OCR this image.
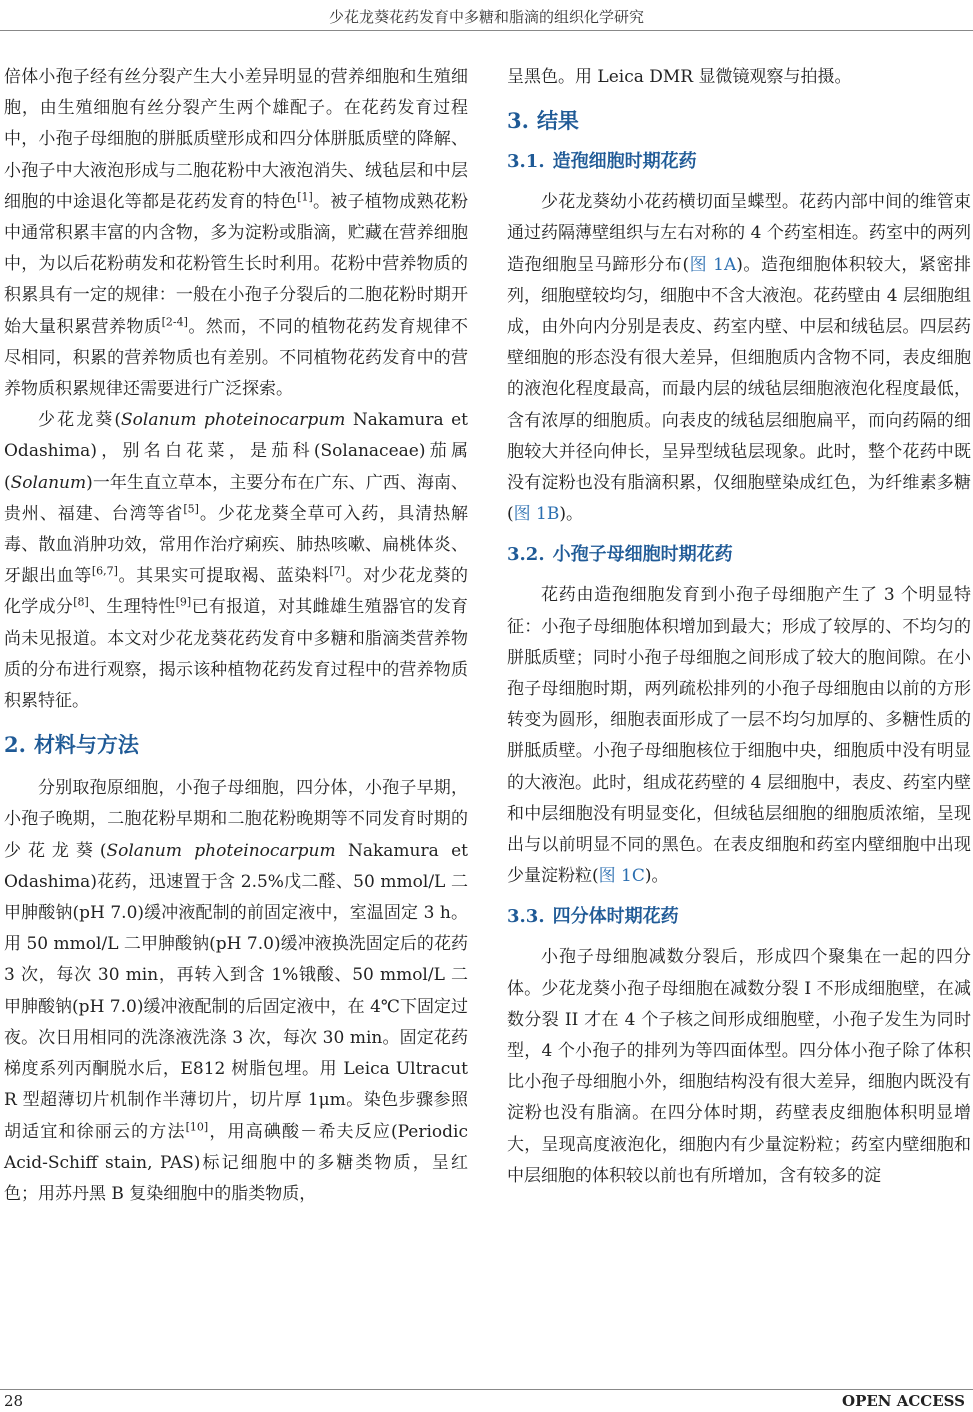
少花龙葵花药发育中多糖和脂滴的组织化学研究

倍体小孢子经有丝分裂产生大小差异明显的营养细胞和生殖细胞，由生殖细胞有丝分裂产生两个雄配子。在花药发育过程中，小孢子母细胞的胼胝质壁形成和四分体胼胝质壁的降解、小孢子中大液泡形成与二胞花粉中大液泡消失、绒毡层和中层细胞的中途退化等都是花药发育的特色[1]。被子植物成熟花粉中通常积累丰富的内含物，多为淀粉或脂滴，贮藏在营养细胞中，为以后花粉萌发和花粉管生长时利用。花粉中营养物质的积累具有一定的规律：一般在小孢子分裂后的二胞花粉时期开始大量积累营养物质[2-4]。然而，不同的植物花药发育规律不尽相同，积累的营养物质也有差别。不同植物花药发育中的营养物质积累规律还需要进行广泛探索。

少花龙葵(Solanum photeinocarpum Nakamura et Odashima)，别名白花菜，是茄科(Solanaceae)茄属(Solanum)一年生直立草本，主要分布在广东、广西、海南、贵州、福建、台湾等省[5]。少花龙葵全草可入药，具清热解毒、散血消肿功效，常用作治疗痢疾、肺热咳嗽、扁桃体炎、牙龈出血等[6,7]。其果实可提取褐、蓝染料[7]。对少花龙葵的化学成分[8]、生理特性[9]已有报道，对其雌雄生殖器官的发育尚未见报道。本文对少花龙葵花药发育中多糖和脂滴类营养物质的分布进行观察，揭示该种植物花药发育过程中的营养物质积累特征。

2. 材料与方法

分别取孢原细胞，小孢子母细胞，四分体，小孢子早期，小孢子晚期，二胞花粉早期和二胞花粉晚期等不同发育时期的少花龙葵(Solanum photeinocarpum Nakamura et Odashima)花药，迅速置于含 2.5%戊二醛、50 mmol/L 二甲胂酸钠(pH 7.0)缓冲液配制的前固定液中，室温固定 3 h。用 50 mmol/L 二甲胂酸钠(pH 7.0)缓冲液换洗固定后的花药 3 次，每次 30 min，再转入到含 1%锇酸、50 mmol/L 二甲胂酸钠(pH 7.0)缓冲液配制的后固定液中，在 4℃下固定过夜。次日用相同的洗涤液洗涤 3 次，每次 30 min。固定花药梯度系列丙酮脱水后，E812 树脂包埋。用 Leica Ultracut R 型超薄切片机制作半薄切片，切片厚 1μm。染色步骤参照胡适宜和徐丽云的方法[10]，用高碘酸－希夫反应(Periodic Acid-Schiff stain, PAS)标记细胞中的多糖类物质，呈红色；用苏丹黑 B 复染细胞中的脂类物质，

呈黑色。用 Leica DMR 显微镜观察与拍摄。

3. 结果
3.1. 造孢细胞时期花药

少花龙葵幼小花药横切面呈蝶型。花药内部中间的维管束通过药隔薄壁组织与左右对称的 4 个药室相连。药室中的两列造孢细胞呈马蹄形分布(图 1A)。造孢细胞体积较大，紧密排列，细胞壁较均匀，细胞中不含大液泡。花药壁由 4 层细胞组成，由外向内分别是表皮、药室内壁、中层和绒毡层。四层药壁细胞的形态没有很大差异，但细胞质内含物不同，表皮细胞的液泡化程度最高，而最内层的绒毡层细胞液泡化程度最低，含有浓厚的细胞质。向表皮的绒毡层细胞扁平，而向药隔的细胞较大并径向伸长，呈异型绒毡层现象。此时，整个花药中既没有淀粉也没有脂滴积累，仅细胞壁染成红色，为纤维素多糖(图 1B)。

3.2. 小孢子母细胞时期花药

花药由造孢细胞发育到小孢子母细胞产生了 3 个明显特征：小孢子母细胞体积增加到最大；形成了较厚的、不均匀的胼胝质壁；同时小孢子母细胞之间形成了较大的胞间隙。在小孢子母细胞时期，两列疏松排列的小孢子母细胞由以前的方形转变为圆形，细胞表面形成了一层不均匀加厚的、多糖性质的胼胝质壁。小孢子母细胞核位于细胞中央，细胞质中没有明显的大液泡。此时，组成花药壁的 4 层细胞中，表皮、药室内壁和中层细胞没有明显变化，但绒毡层细胞的细胞质浓缩，呈现出与以前明显不同的黑色。在表皮细胞和药室内壁细胞中出现少量淀粉粒(图 1C)。

3.3. 四分体时期花药

小孢子母细胞减数分裂后，形成四个聚集在一起的四分体。少花龙葵小孢子母细胞在减数分裂 I 不形成细胞壁，在减数分裂 II 才在 4 个子核之间形成细胞壁，小孢子发生为同时型，4 个小孢子的排列为等四面体型。四分体小孢子除了体积比小孢子母细胞小外，细胞结构没有很大差异，细胞内既没有淀粉也没有脂滴。在四分体时期，药壁表皮细胞体积明显增大，呈现高度液泡化，细胞内有少量淀粉粒；药室内壁细胞和中层细胞的体积较以前也有所增加，含有较多的淀

28	OPEN ACCESS
